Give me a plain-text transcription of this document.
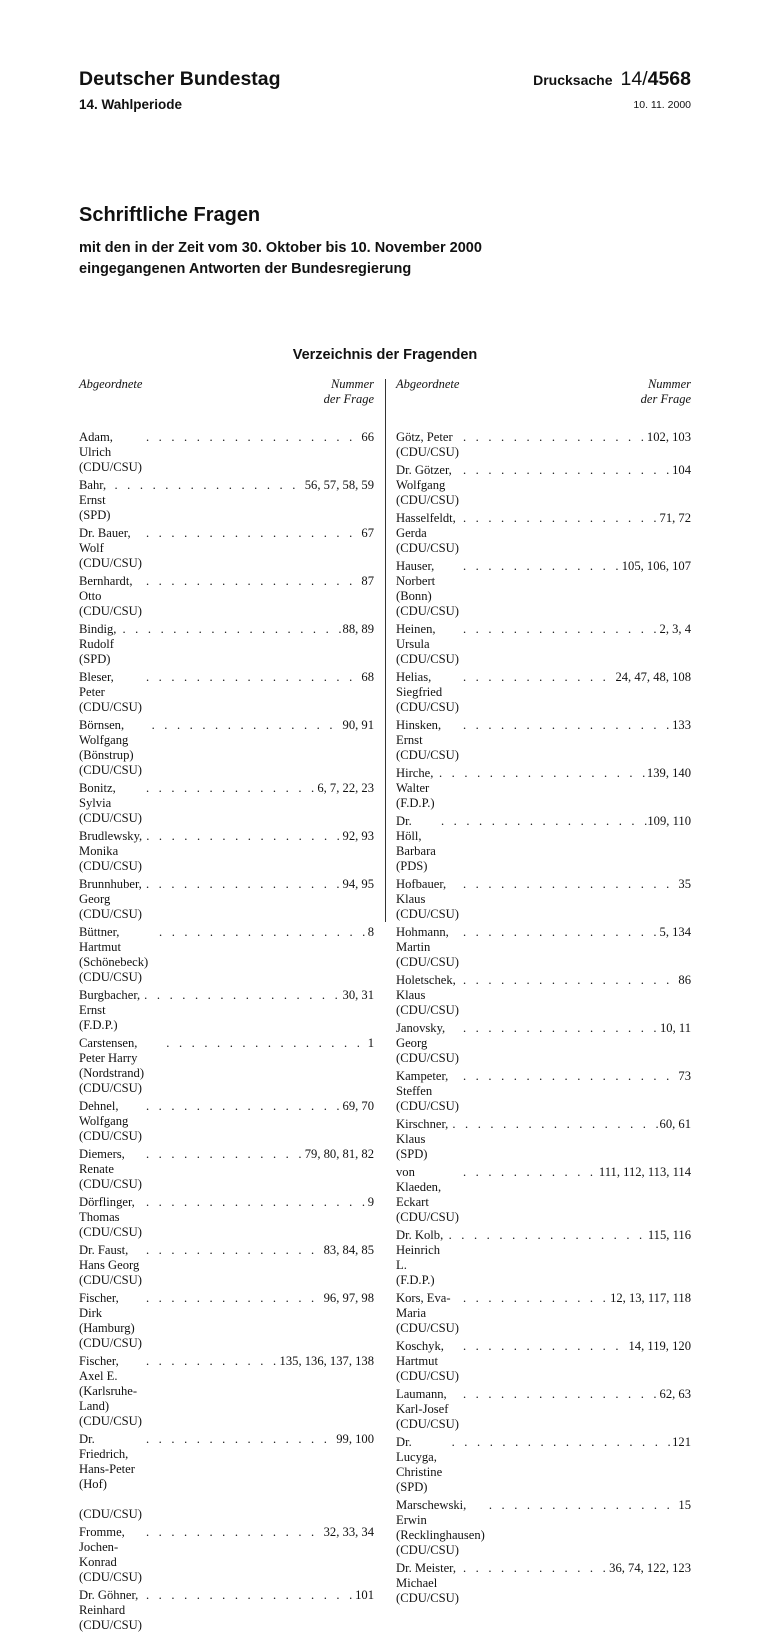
Deutscher Bundestag
14. Wahlperiode
Drucksache 14/4568
10. 11. 2000
Schriftliche Fragen
mit den in der Zeit vom 30. Oktober bis 10. November 2000
eingegangenen Antworten der Bundesregierung
Verzeichnis der Fragenden
Abgeordnete	Nummer
der Frage
Adam, Ulrich (CDU/CSU)
. . .
66
Bahr, Ernst (SPD)
. . .
56, 57, 58, 59
Dr. Bauer, Wolf (CDU/CSU)
. . .
67
Bernhardt, Otto (CDU/CSU)
. . .
87
Bindig, Rudolf (SPD)
. . .
88, 89
Bleser, Peter (CDU/CSU)
. . .
68
Börnsen, Wolfgang (Bönstrup) (CDU/CSU)
. . .
90, 91
Bonitz, Sylvia (CDU/CSU)
. . .
6, 7, 22, 23
Brudlewsky, Monika (CDU/CSU)
. . .
92, 93
Brunnhuber, Georg (CDU/CSU)
. . .
94, 95
Büttner, Hartmut (Schönebeck) (CDU/CSU)
. . .
8
Burgbacher, Ernst (F.D.P.)
. . .
30, 31
Carstensen, Peter Harry (Nordstrand) (CDU/CSU)
. . .
1
Dehnel, Wolfgang (CDU/CSU)
. . .
69, 70
Diemers, Renate (CDU/CSU)
. . .
79, 80, 81, 82
Dörflinger, Thomas (CDU/CSU)
. . .
9
Dr. Faust, Hans Georg (CDU/CSU)
. . .
83, 84, 85
Fischer, Dirk (Hamburg) (CDU/CSU)
. . .
96, 97, 98
Fischer, Axel E. (Karlsruhe-Land)
(CDU/CSU)
. . .
135, 136, 137, 138
Dr. Friedrich, Hans-Peter (Hof)
(CDU/CSU)
. . .
99, 100
Fromme, Jochen-Konrad (CDU/CSU)
. . .
32, 33, 34
Dr. Göhner, Reinhard (CDU/CSU)
. . .
101
Abgeordnete	Nummer
der Frage
Götz, Peter (CDU/CSU)
. . .
102, 103
Dr. Götzer, Wolfgang (CDU/CSU)
. . .
104
Hasselfeldt, Gerda (CDU/CSU)
. . .
71, 72
Hauser, Norbert (Bonn) (CDU/CSU)
. . .
105, 106, 107
Heinen, Ursula (CDU/CSU)
. . .
2, 3, 4
Helias, Siegfried (CDU/CSU)
. . .
24, 47, 48, 108
Hinsken, Ernst (CDU/CSU)
. . .
133
Hirche, Walter (F.D.P.)
. . .
139, 140
Dr. Höll, Barbara (PDS)
. . .
109, 110
Hofbauer, Klaus (CDU/CSU)
. . .
35
Hohmann, Martin (CDU/CSU)
. . .
5, 134
Holetschek, Klaus (CDU/CSU)
. . .
86
Janovsky, Georg (CDU/CSU)
. . .
10, 11
Kampeter, Steffen (CDU/CSU)
. . .
73
Kirschner, Klaus (SPD)
. . .
60, 61
von Klaeden, Eckart (CDU/CSU)
. . .
111, 112, 113, 114
Dr. Kolb, Heinrich L. (F.D.P.)
. . .
115, 116
Kors, Eva-Maria (CDU/CSU)
. . .
12, 13, 117, 118
Koschyk, Hartmut (CDU/CSU)
. . .
14, 119, 120
Laumann, Karl-Josef (CDU/CSU)
. . .
62, 63
Dr. Lucyga, Christine (SPD)
. . .
121
Marschewski, Erwin (Recklinghausen)
(CDU/CSU)
. . .
15
Dr. Meister, Michael (CDU/CSU)
. . .
36, 74, 122, 123
